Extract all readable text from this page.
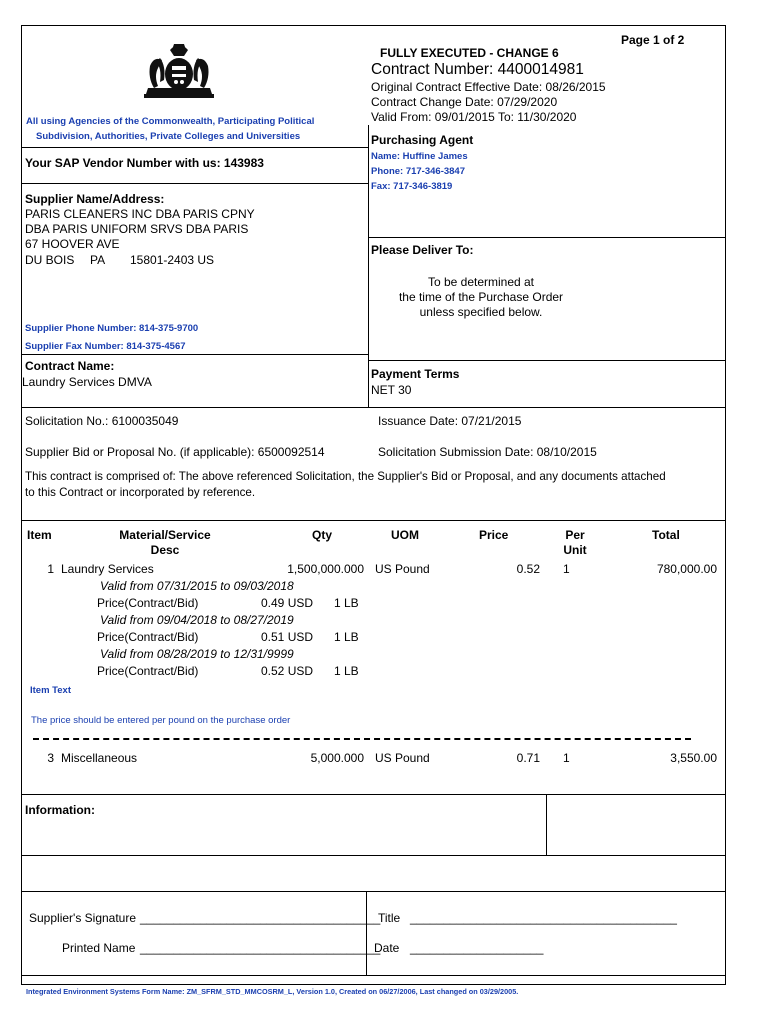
Page 1 of 2
FULLY EXECUTED - CHANGE 6
Contract Number: 4400014981
Original Contract Effective Date: 08/26/2015
Contract Change Date: 07/29/2020
Valid From: 09/01/2015 To: 11/30/2020
All using Agencies of the Commonwealth, Participating Political
Subdivision, Authorities, Private Colleges and Universities
Your SAP Vendor Number with us: 143983
Supplier Name/Address:
PARIS CLEANERS INC DBA PARIS CPNY
DBA PARIS UNIFORM SRVS DBA PARIS
67 HOOVER AVE
DU BOIS PA 15801-2403 US
Supplier Phone Number: 814-375-9700
Supplier Fax Number: 814-375-4567
Purchasing Agent
Name: Huffine James
Phone: 717-346-3847
Fax: 717-346-3819
Please Deliver To:
To be determined at
the time of the Purchase Order
unless specified below.
Contract Name:
Laundry Services DMVA
Payment Terms
NET 30
Solicitation No.: 6100035049	Issuance Date: 07/21/2015
Supplier Bid or Proposal No. (if applicable): 6500092514	Solicitation Submission Date: 08/10/2015
This contract is comprised of: The above referenced Solicitation, the Supplier's Bid or Proposal, and any documents attached
to this Contract or incorporated by reference.
Item	Material/Service
Desc
Qty	UOM	Price	Per
Unit
Total
1 Laundry Services	1,500,000.000 US Pound	0.52 1	780,000.00
Valid from 07/31/2015 to 09/03/2018
Price(Contract/Bid)	0.49 USD 1 LB
Valid from 09/04/2018 to 08/27/2019
Price(Contract/Bid)	0.51 USD 1 LB
Valid from 08/28/2019 to 12/31/9999
Price(Contract/Bid)	0.52 USD 1 LB
Item Text
The price should be entered per pound on the purchase order
3 Miscellaneous	5,000.000 US Pound	0.71 1	3,550.00
Information:
Supplier's Signature ____________________________________
Title ________________________________________
Printed Name ____________________________________
Date ____________________
Integrated Environment Systems Form Name: ZM_SFRM_STD_MMCOSRM_L, Version 1.0, Created on 06/27/2006, Last changed on 03/29/2005.
